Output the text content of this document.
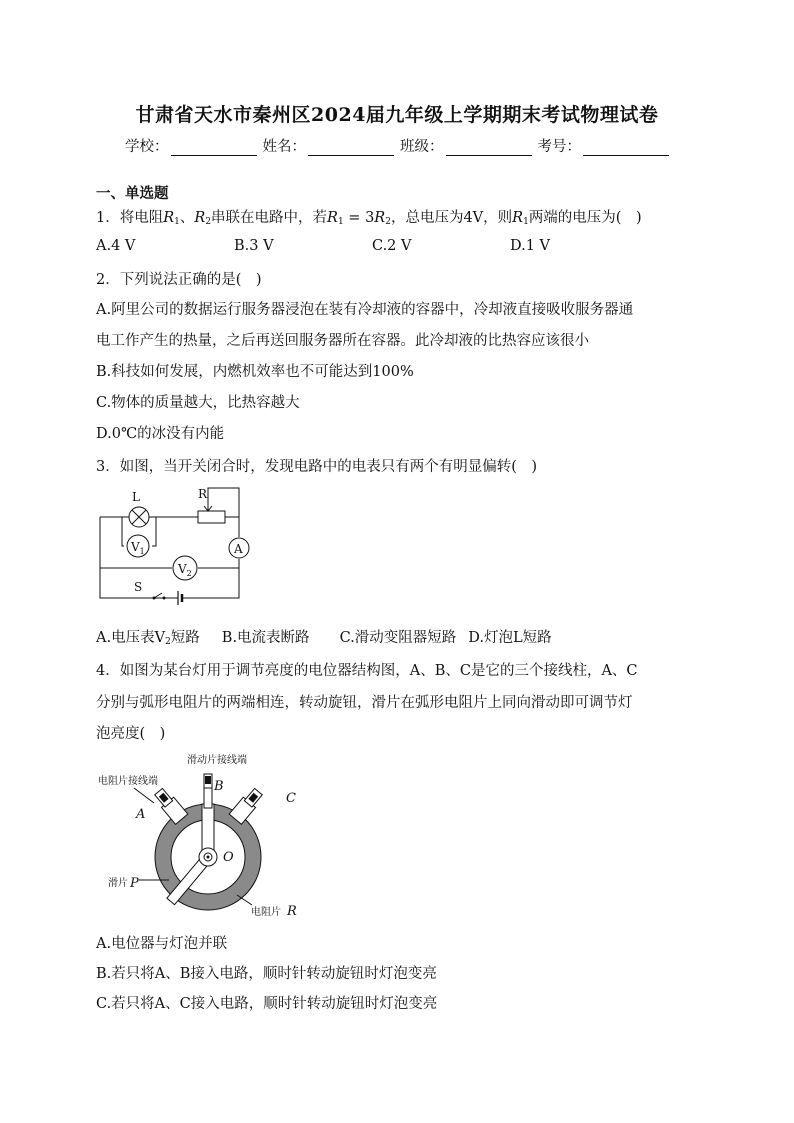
甘肃省天水市秦州区2024届九年级上学期期末考试物理试卷
学校：	姓名：	班级：	考号：
一、单选题
1．将电阻$R_1$、$R_2$串联在电路中，若$R_1 = 3R_2$，总电压为4V，则$R_1$两端的电压为(　)
A.4 V	B.3 V	C.2 V	D.1 V
2．下列说法正确的是(　)
A.阿里公司的数据运行服务器浸泡在装有冷却液的容器中，冷却液直接吸收服务器通
电工作产生的热量，之后再送回服务器所在容器。此冷却液的比热容应该很小
B.科技如何发展，内燃机效率也不可能达到100%
C.物体的质量越大，比热容越大
D.0℃的冰没有内能
3．如图，当开关闭合时，发现电路中的电表只有两个有明显偏转(　)
L	R
A
$V_1$
$V_2$
S
A.电压表$V_2$短路 B.电流表断路 C.滑动变阻器短路 D.灯泡L短路
4．如图为某台灯用于调节亮度的电位器结构图，A、B、C是它的三个接线柱，A、C
分别与弧形电阻片的两端相连，转动旋钮，滑片在弧形电阻片上同向滑动即可调节灯
泡亮度(　)
滑动片接线端
电阻片接线端
滑片
电阻片
B
A
C
O
P
R
A.电位器与灯泡并联
B.若只将A、B接入电路，顺时针转动旋钮时灯泡变亮
C.若只将A、C接入电路，顺时针转动旋钮时灯泡变亮
